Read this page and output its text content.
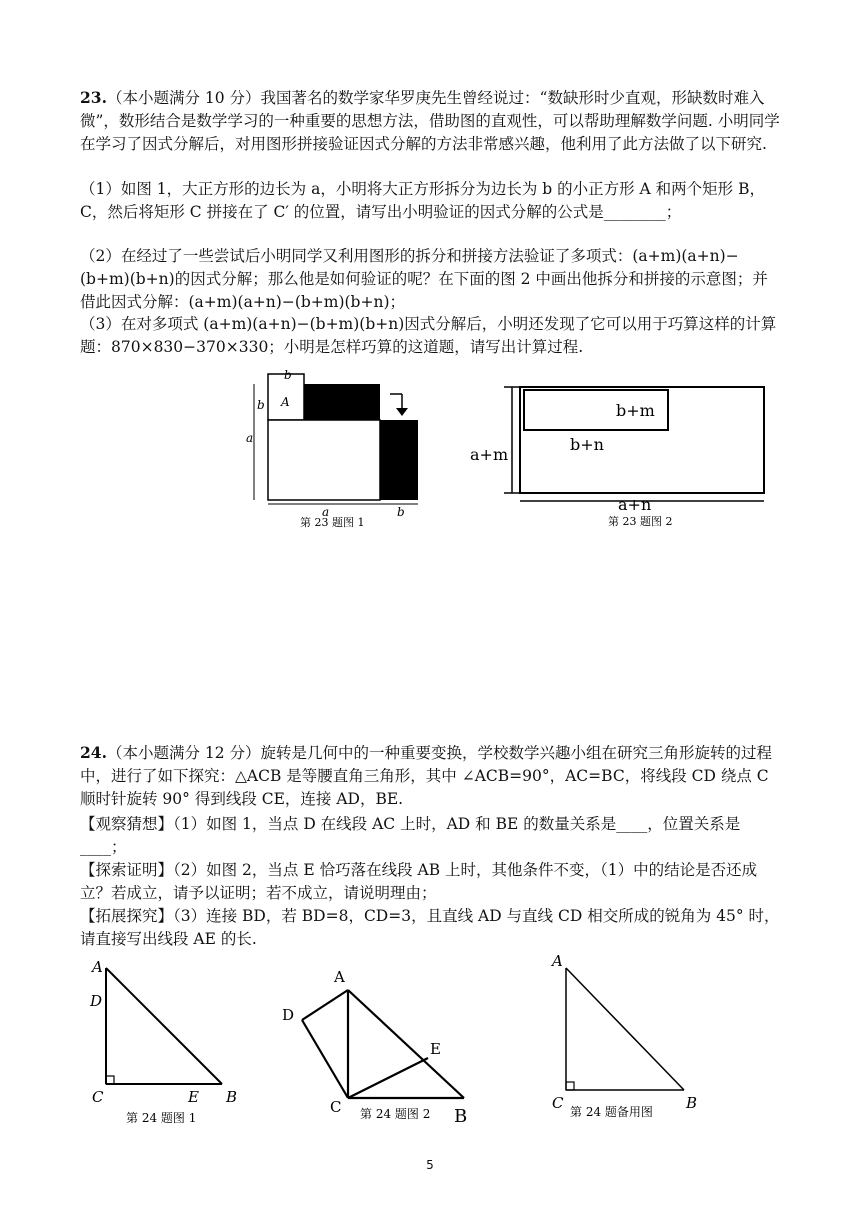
23.（本小题满分 10 分）我国著名的数学家华罗庚先生曾经说过：“数缺形时少直观，形缺数时难入微”，数形结合是数学学习的一种重要的思想方法，借助图的直观性，可以帮助理解数学问题. 小明同学在学习了因式分解后，对用图形拼接验证因式分解的方法非常感兴趣，他利用了此方法做了以下研究.

（1）如图 1，大正方形的边长为 a，小明将大正方形拆分为边长为 b 的小正方形 A 和两个矩形 B，C，然后将矩形 C 拼接在了 C′ 的位置，请写出小明验证的因式分解的公式是________；

（2）在经过了一些尝试后小明同学又利用图形的拆分和拼接方法验证了多项式：(a+m)(a+n)−(b+m)(b+n)的因式分解；那么他是如何验证的呢？在下面的图 2 中画出他拆分和拼接的示意图；并借此因式分解：(a+m)(a+n)−(b+m)(b+n)；

（3）在对多项式 (a+m)(a+n)−(b+m)(b+n)因式分解后，小明还发现了它可以用于巧算这样的计算题：870×830−370×330；小明是怎样巧算的这道题，请写出计算过程.

b
b A
a
a	b
第 23 题图 1
b+m
b+n
a+m
a+n
第 23 题图 2

24.（本小题满分 12 分）旋转是几何中的一种重要变换，学校数学兴趣小组在研究三角形旋转的过程中，进行了如下探究：△ACB 是等腰直角三角形，其中 ∠ACB=90°，AC=BC，将线段 CD 绕点 C 顺时针旋转 90° 得到线段 CE，连接 AD，BE.

【观察猜想】（1）如图 1，当点 D 在线段 AC 上时，AD 和 BE 的数量关系是____，位置关系是____；

【探索证明】（2）如图 2，当点 E 恰巧落在线段 AB 上时，其他条件不变，（1）中的结论是否还成立？若成立，请予以证明；若不成立，请说明理由；

【拓展探究】（3）连接 BD，若 BD=8，CD=3，且直线 AD 与直线 CD 相交所成的锐角为 45° 时，请直接写出线段 AE 的长.

A
D
C	E B
第 24 题图 1
A
D
E
C	B
第 24 题图 2
A
C	B
第 24 题备用图
5
